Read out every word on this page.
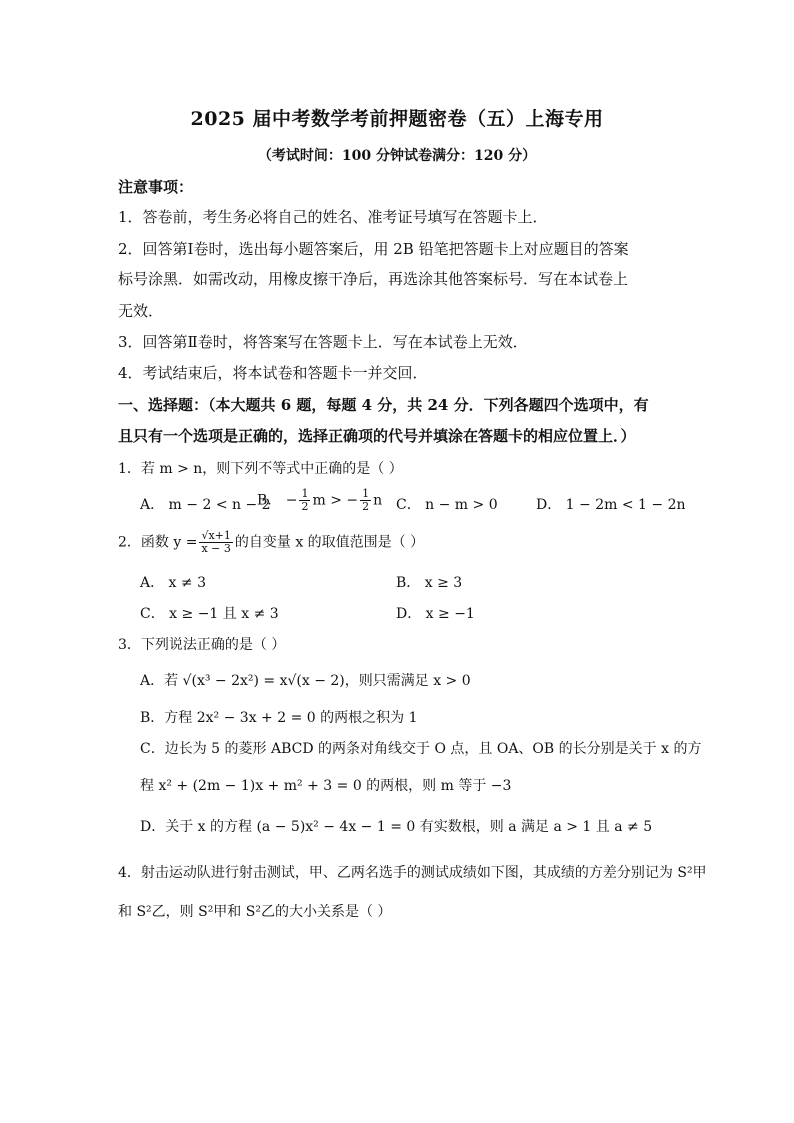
2025 届中考数学考前押题密卷（五）上海专用
（考试时间：100 分钟试卷满分：120 分）
注意事项：
1．答卷前，考生务必将自己的姓名、准考证号填写在答题卡上．
2．回答第Ⅰ卷时，选出每小题答案后，用 2B 铅笔把答题卡上对应题目的答案
标号涂黑．如需改动，用橡皮擦干净后，再选涂其他答案标号．写在本试卷上
无效．
3．回答第Ⅱ卷时，将答案写在答题卡上．写在本试卷上无效．
4．考试结束后，将本试卷和答题卡一并交回．
一、选择题：（本大题共 6 题，每题 4 分，共 24 分．下列各题四个选项中，有
且只有一个选项是正确的，选择正确项的代号并填涂在答题卡的相应位置上．）
1．若 m > n，则下列不等式中正确的是（ ）
A． m − 2 < n − 2
B． − $\frac{1}{2}$ m > − $\frac{1}{2}$ n C． n − m > 0	D． 1 − 2m < 1 − 2n
2．函数 $y = \frac{√x+1}{x - 3}$ 的自变量 x 的取值范围是（ ）
A． x ≠ 3	B． x ≥ 3
C． x ≥ −1 且 x ≠ 3	D． x ≥ −1
3．下列说法正确的是（ ）
A．若 √(x³ − 2x²) = x√(x − 2)，则只需满足 x > 0
B．方程 2x² − 3x + 2 = 0 的两根之积为 1
C．边长为 5 的菱形 ABCD 的两条对角线交于 O 点，且 OA、OB 的长分别是关于 x 的方
程 x² + (2m − 1)x + m² + 3 = 0 的两根，则 m 等于 −3
D．关于 x 的方程 (a − 5)x² − 4x − 1 = 0 有实数根，则 a 满足 a > 1 且 a ≠ 5
4．射击运动队进行射击测试，甲、乙两名选手的测试成绩如下图，其成绩的方差分别记为 S²甲
和 S²乙，则 S²甲和 S²乙的大小关系是（ ）
